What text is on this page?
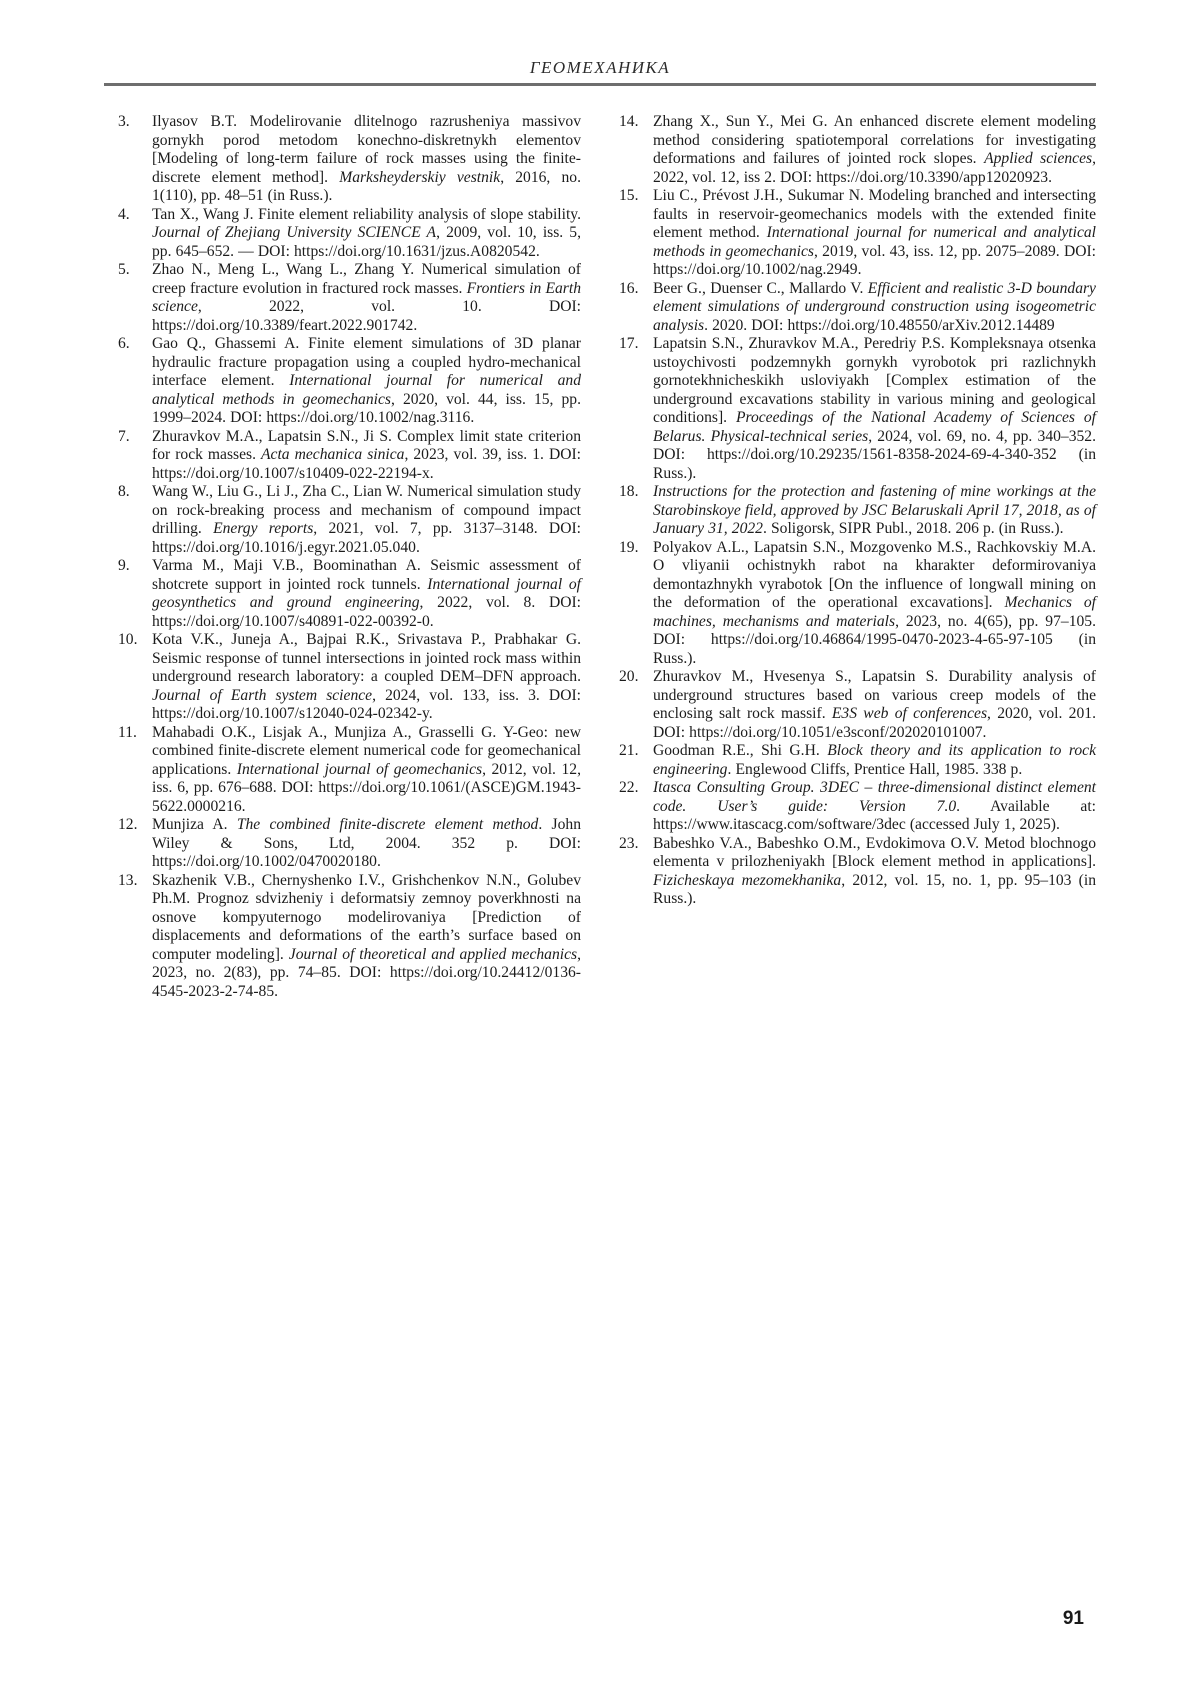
ГЕОМЕХАНИКА

3. Ilyasov B.T. Modelirovanie dlitelnogo razrusheniya massivov gornykh porod metodom konechno-diskretnykh elementov [Modeling of long-term failure of rock masses using the finite-discrete element method]. Marksheyderskiy vestnik, 2016, no. 1(110), pp. 48–51 (in Russ.).

4. Tan X., Wang J. Finite element reliability analysis of slope stability. Journal of Zhejiang University SCIENCE A, 2009, vol. 10, iss. 5, pp. 645–652. — DOI: https://doi.org/10.1631/jzus.A0820542.

5. Zhao N., Meng L., Wang L., Zhang Y. Numerical simulation of creep fracture evolution in fractured rock masses. Frontiers in Earth science, 2022, vol. 10. DOI: https://doi.org/10.3389/feart.2022.901742.

6. Gao Q., Ghassemi A. Finite element simulations of 3D planar hydraulic fracture propagation using a coupled hydro-mechanical interface element. International journal for numerical and analytical methods in geomechanics, 2020, vol. 44, iss. 15, pp. 1999–2024. DOI: https://doi.org/10.1002/nag.3116.

7. Zhuravkov M.A., Lapatsin S.N., Ji S. Complex limit state criterion for rock masses. Acta mechanica sinica, 2023, vol. 39, iss. 1. DOI: https://doi.org/10.1007/s10409-022-22194-x.

8. Wang W., Liu G., Li J., Zha C., Lian W. Numerical simulation study on rock-breaking process and mechanism of compound impact drilling. Energy reports, 2021, vol. 7, pp. 3137–3148. DOI: https://doi.org/10.1016/j.egyr.2021.05.040.

9. Varma M., Maji V.B., Boominathan A. Seismic assessment of shotcrete support in jointed rock tunnels. International journal of geosynthetics and ground engineering, 2022, vol. 8. DOI: https://doi.org/10.1007/s40891-022-00392-0.

10. Kota V.K., Juneja A., Bajpai R.K., Srivastava P., Prabhakar G. Seismic response of tunnel intersections in jointed rock mass within underground research laboratory: a coupled DEM–DFN approach. Journal of Earth system science, 2024, vol. 133, iss. 3. DOI: https://doi.org/10.1007/s12040-024-02342-y.

11. Mahabadi O.K., Lisjak A., Munjiza A., Grasselli G. Y-Geo: new combined finite-discrete element numerical code for geomechanical applications. International journal of geomechanics, 2012, vol. 12, iss. 6, pp. 676–688. DOI: https://doi.org/10.1061/(ASCE)GM.1943-5622.0000216.

12. Munjiza A. The combined finite-discrete element method. John Wiley & Sons, Ltd, 2004. 352 p. DOI: https://doi.org/10.1002/0470020180.

13. Skazhenik V.B., Chernyshenko I.V., Grishchenkov N.N., Golubev Ph.M. Prognoz sdvizheniy i deformatsiy zemnoy poverkhnosti na osnove kompyuternogo modelirovaniya [Prediction of displacements and deformations of the earth’s surface based on computer modeling]. Journal of theoretical and applied mechanics, 2023, no. 2(83), pp. 74–85. DOI: https://doi.org/10.24412/0136-4545-2023-2-74-85.

14. Zhang X., Sun Y., Mei G. An enhanced discrete element modeling method considering spatiotemporal correlations for investigating deformations and failures of jointed rock slopes. Applied sciences, 2022, vol. 12, iss 2. DOI: https://doi.org/10.3390/app12020923.

15. Liu C., Prévost J.H., Sukumar N. Modeling branched and intersecting faults in reservoir-geomechanics models with the extended finite element method. International journal for numerical and analytical methods in geomechanics, 2019, vol. 43, iss. 12, pp. 2075–2089. DOI: https://doi.org/10.1002/nag.2949.

16. Beer G., Duenser C., Mallardo V. Efficient and realistic 3-D boundary element simulations of underground construction using isogeometric analysis. 2020. DOI: https://doi.org/10.48550/arXiv.2012.14489

17. Lapatsin S.N., Zhuravkov M.A., Peredriy P.S. Kompleksnaya otsenka ustoychivosti podzemnykh gornykh vyrobotok pri razlichnykh gornotekhnicheskikh usloviyakh [Complex estimation of the underground excavations stability in various mining and geological conditions]. Proceedings of the National Academy of Sciences of Belarus. Physical-technical series, 2024, vol. 69, no. 4, pp. 340–352. DOI: https://doi.org/10.29235/1561-8358-2024-69-4-340-352 (in Russ.).

18. Instructions for the protection and fastening of mine workings at the Starobinskoye field, approved by JSC Belaruskali April 17, 2018, as of January 31, 2022. Soligorsk, SIPR Publ., 2018. 206 p. (in Russ.).

19. Polyakov A.L., Lapatsin S.N., Mozgovenko M.S., Rachkovskiy M.A. O vliyanii ochistnykh rabot na kharakter deformirovaniya demontazhnykh vyrabotok [On the influence of longwall mining on the deformation of the operational excavations]. Mechanics of machines, mechanisms and materials, 2023, no. 4(65), pp. 97–105. DOI: https://doi.org/10.46864/1995-0470-2023-4-65-97-105 (in Russ.).

20. Zhuravkov M., Hvesenya S., Lapatsin S. Durability analysis of underground structures based on various creep models of the enclosing salt rock massif. E3S web of conferences, 2020, vol. 201. DOI: https://doi.org/10.1051/e3sconf/202020101007.

21. Goodman R.E., Shi G.H. Block theory and its application to rock engineering. Englewood Cliffs, Prentice Hall, 1985. 338 p.

22. Itasca Consulting Group. 3DEC – three-dimensional distinct element code. User’s guide: Version 7.0. Available at: https://www.itascacg.com/software/3dec (accessed July 1, 2025).

23. Babeshko V.A., Babeshko O.M., Evdokimova O.V. Metod blochnogo elementa v prilozheniyakh [Block element method in applications]. Fizicheskaya mezomekhanika, 2012, vol. 15, no. 1, pp. 95–103 (in Russ.).

91
